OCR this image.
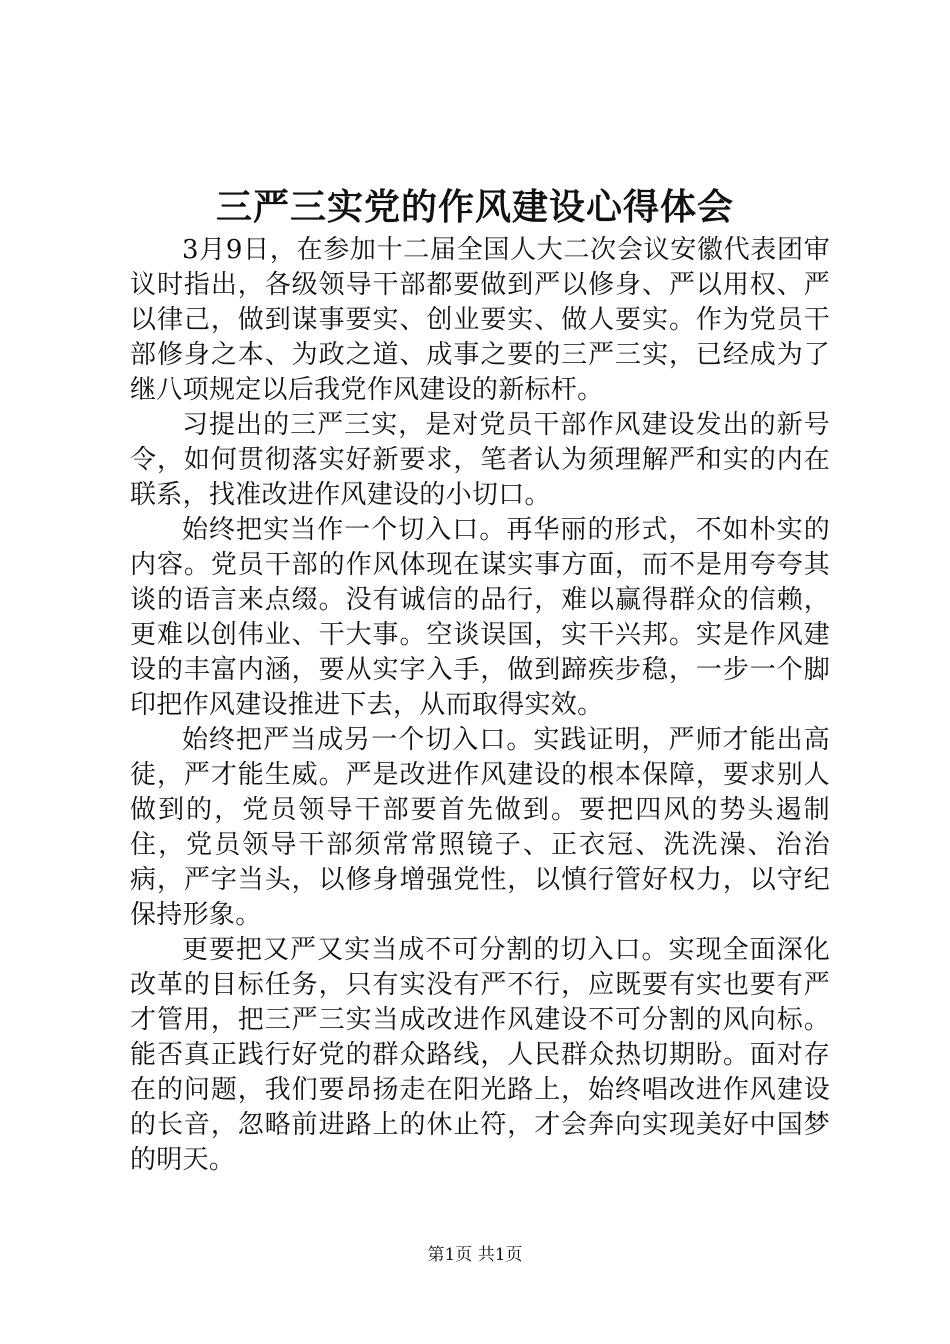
三严三实党的作风建设心得体会

3月9日，在参加十二届全国人大二次会议安徽代表团审议时指出，各级领导干部都要做到严以修身、严以用权、严以律己，做到谋事要实、创业要实、做人要实。作为党员干部修身之本、为政之道、成事之要的三严三实，已经成为了继八项规定以后我党作风建设的新标杆。

习提出的三严三实，是对党员干部作风建设发出的新号令，如何贯彻落实好新要求，笔者认为须理解严和实的内在联系，找准改进作风建设的小切口。

始终把实当作一个切入口。再华丽的形式，不如朴实的内容。党员干部的作风体现在谋实事方面，而不是用夸夸其谈的语言来点缀。没有诚信的品行，难以赢得群众的信赖，更难以创伟业、干大事。空谈误国，实干兴邦。实是作风建设的丰富内涵，要从实字入手，做到蹄疾步稳，一步一个脚印把作风建设推进下去，从而取得实效。

始终把严当成另一个切入口。实践证明，严师才能出高徒，严才能生威。严是改进作风建设的根本保障，要求别人做到的，党员领导干部要首先做到。要把四风的势头遏制住，党员领导干部须常常照镜子、正衣冠、洗洗澡、治治病，严字当头，以修身增强党性，以慎行管好权力，以守纪保持形象。

更要把又严又实当成不可分割的切入口。实现全面深化改革的目标任务，只有实没有严不行，应既要有实也要有严才管用，把三严三实当成改进作风建设不可分割的风向标。能否真正践行好党的群众路线，人民群众热切期盼。面对存在的问题，我们要昂扬走在阳光路上，始终唱改进作风建设的长音，忽略前进路上的休止符，才会奔向实现美好中国梦的明天。

第1页 共1页
